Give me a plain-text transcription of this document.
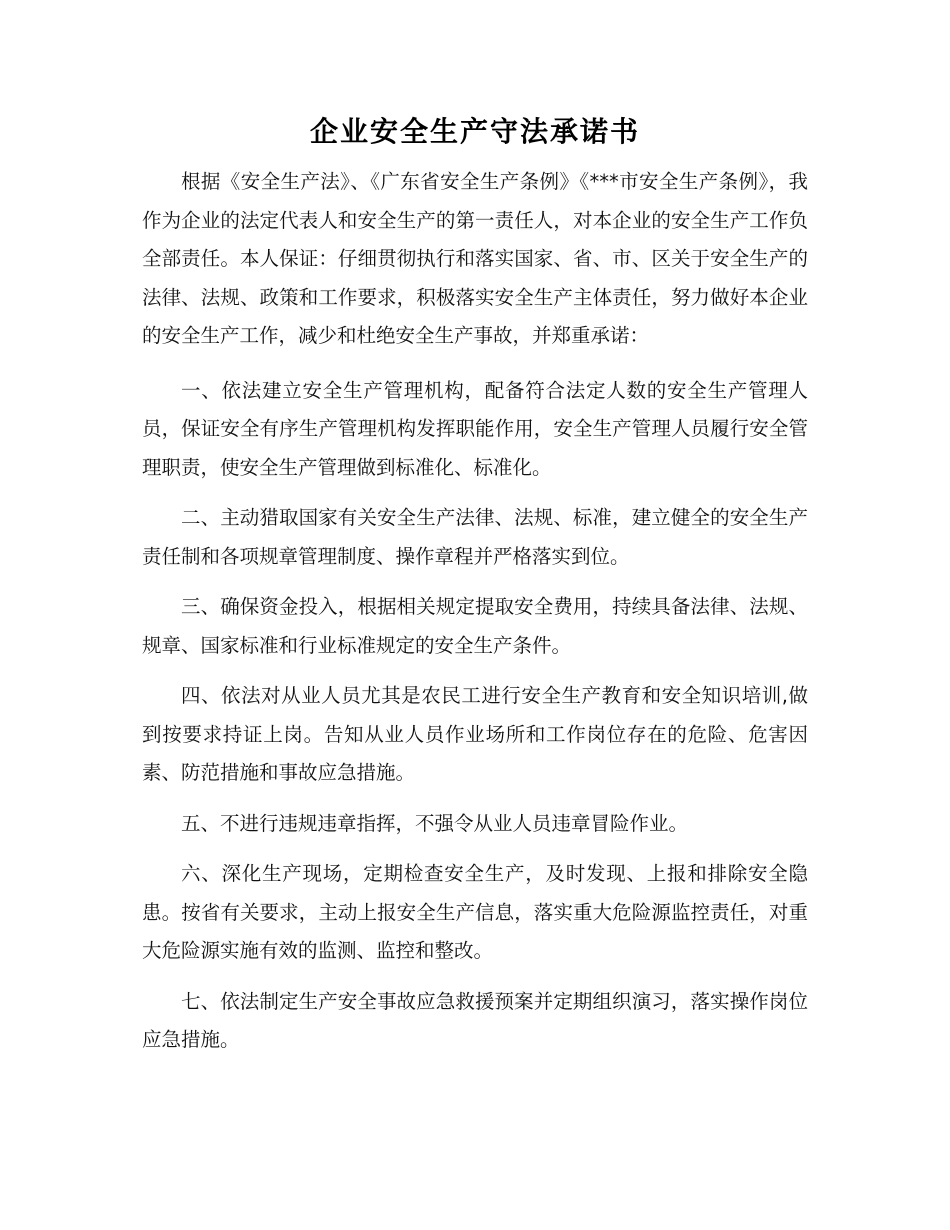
企业安全生产守法承诺书

根据《安全生产法》、《广东省安全生产条例》《***市安全生产条例》，我作为企业的法定代表人和安全生产的第一责任人，对本企业的安全生产工作负全部责任。本人保证：仔细贯彻执行和落实国家、省、市、区关于安全生产的法律、法规、政策和工作要求，积极落实安全生产主体责任，努力做好本企业的安全生产工作，减少和杜绝安全生产事故，并郑重承诺：

一、依法建立安全生产管理机构，配备符合法定人数的安全生产管理人员，保证安全有序生产管理机构发挥职能作用，安全生产管理人员履行安全管理职责，使安全生产管理做到标准化、标准化。

二、主动猎取国家有关安全生产法律、法规、标准，建立健全的安全生产责任制和各项规章管理制度、操作章程并严格落实到位。

三、确保资金投入，根据相关规定提取安全费用，持续具备法律、法规、规章、国家标准和行业标准规定的安全生产条件。

四、依法对从业人员尤其是农民工进行安全生产教育和安全知识培训,做到按要求持证上岗。告知从业人员作业场所和工作岗位存在的危险、危害因素、防范措施和事故应急措施。

五、不进行违规违章指挥，不强令从业人员违章冒险作业。

六、深化生产现场，定期检查安全生产，及时发现、上报和排除安全隐患。按省有关要求，主动上报安全生产信息，落实重大危险源监控责任，对重大危险源实施有效的监测、监控和整改。

七、依法制定生产安全事故应急救援预案并定期组织演习，落实操作岗位应急措施。
